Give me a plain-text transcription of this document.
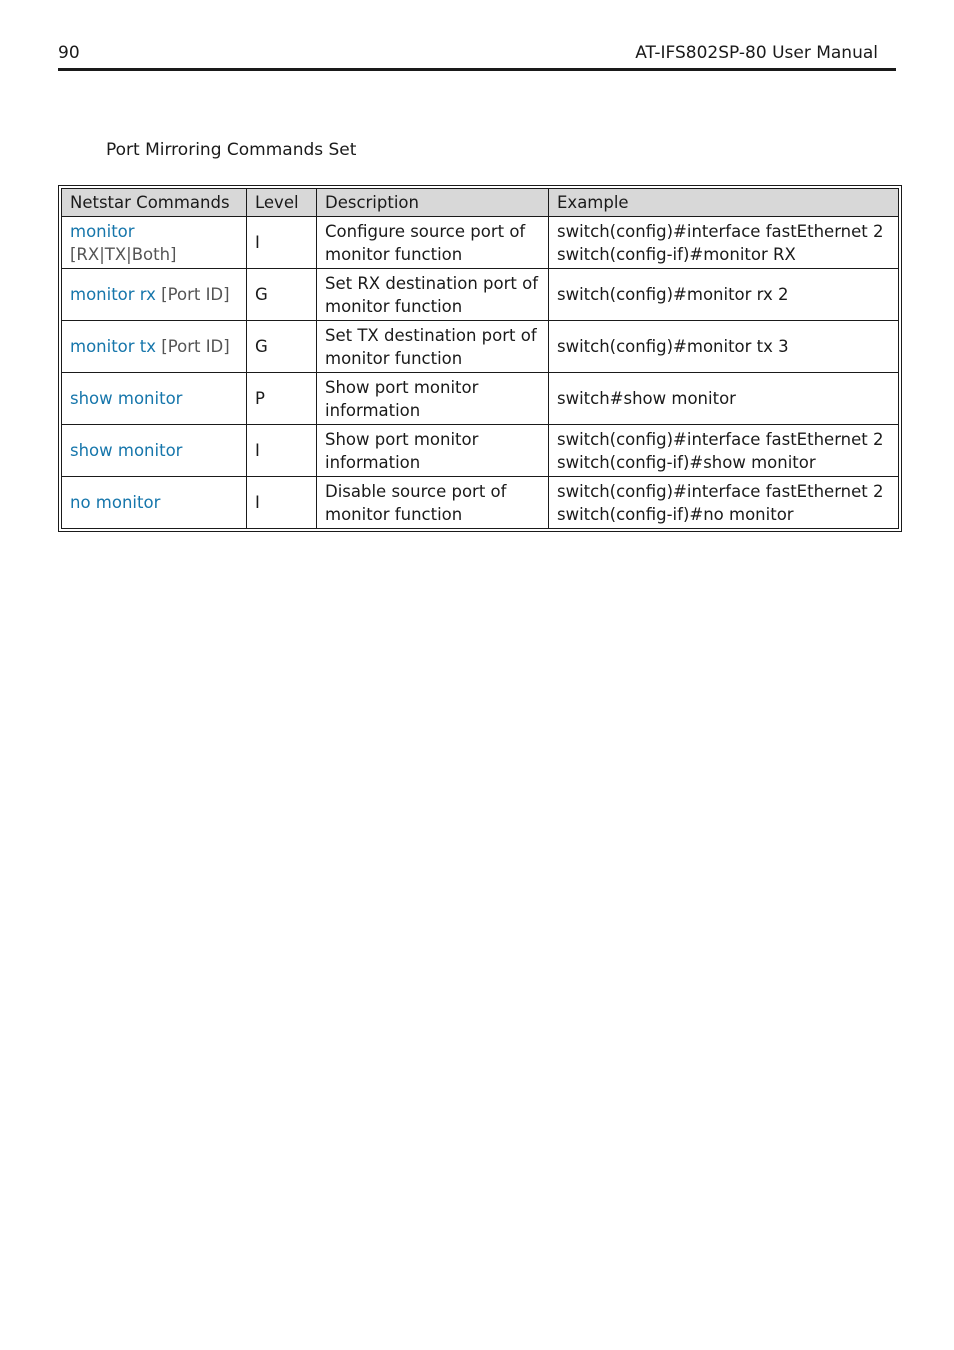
90	AT-IFS802SP-80 User Manual
Port Mirroring Commands Set
Netstar Commands	Level	Description	Example

monitor
[RX|TX|Both]	I	Configure source port of monitor function	switch(config)#interface fastEthernet 2
switch(config-if)#monitor RX

monitor rx [Port ID]	G	Set RX destination port of monitor function	switch(config)#monitor rx 2

monitor tx [Port ID]	G	Set TX destination port of monitor function	switch(config)#monitor tx 3

show monitor	P	Show port monitor information	switch#show monitor

show monitor	I	Show port monitor information	switch(config)#interface fastEthernet 2
switch(config-if)#show monitor

no monitor	I	Disable source port of monitor function	switch(config)#interface fastEthernet 2
switch(config-if)#no monitor
